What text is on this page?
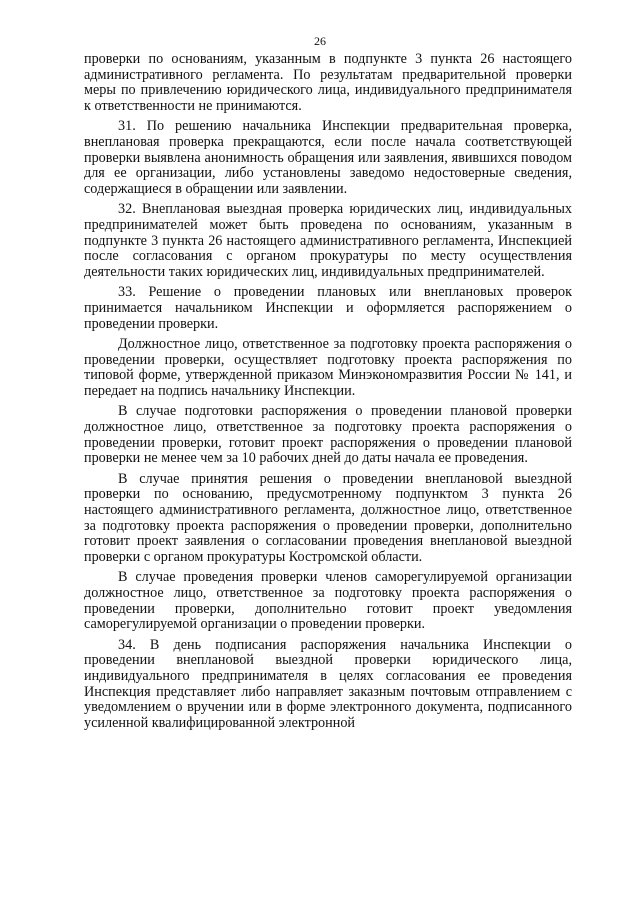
26

проверки по основаниям, указанным в подпункте 3 пункта 26 настоящего административного регламента. По результатам предварительной проверки меры по привлечению юридического лица, индивидуального предпринимателя к ответственности не принимаются.

31. По решению начальника Инспекции предварительная проверка, внеплановая проверка прекращаются, если после начала соответствующей проверки выявлена анонимность обращения или заявления, явившихся поводом для ее организации, либо установлены заведомо недостоверные сведения, содержащиеся в обращении или заявлении.

32. Внеплановая выездная проверка юридических лиц, индивидуальных предпринимателей может быть проведена по основаниям, указанным в подпункте 3 пункта 26 настоящего административного регламента, Инспекцией после согласования с органом прокуратуры по месту осуществления деятельности таких юридических лиц, индивидуальных предпринимателей.

33. Решение о проведении плановых или внеплановых проверок принимается начальником Инспекции и оформляется распоряжением о проведении проверки.

Должностное лицо, ответственное за подготовку проекта распоряжения о проведении проверки, осуществляет подготовку проекта распоряжения по типовой форме, утвержденной приказом Минэкономразвития России № 141, и передает на подпись начальнику Инспекции.

В случае подготовки распоряжения о проведении плановой проверки должностное лицо, ответственное за подготовку проекта распоряжения о проведении проверки, готовит проект распоряжения о проведении плановой проверки не менее чем за 10 рабочих дней до даты начала ее проведения.

В случае принятия решения о проведении внеплановой выездной проверки по основанию, предусмотренному подпунктом 3 пункта 26 настоящего административного регламента, должностное лицо, ответственное за подготовку проекта распоряжения о проведении проверки, дополнительно готовит проект заявления о согласовании проведения внеплановой выездной проверки с органом прокуратуры Костромской области.

В случае проведения проверки членов саморегулируемой организации должностное лицо, ответственное за подготовку проекта распоряжения о проведении проверки, дополнительно готовит проект уведомления саморегулируемой организации о проведении проверки.

34. В день подписания распоряжения начальника Инспекции о проведении внеплановой выездной проверки юридического лица, индивидуального предпринимателя в целях согласования ее проведения Инспекция представляет либо направляет заказным почтовым отправлением с уведомлением о вручении или в форме электронного документа, подписанного усиленной квалифицированной электронной
